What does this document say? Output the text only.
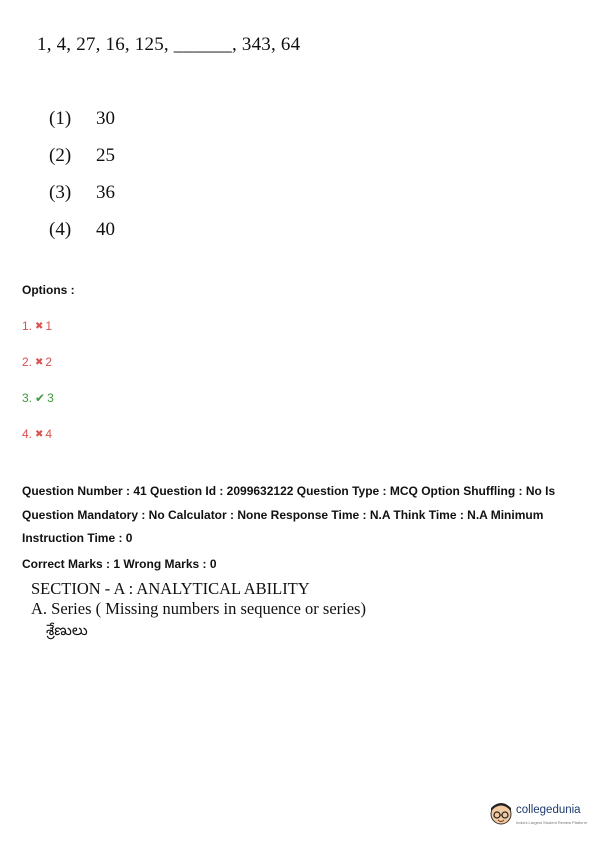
1, 4, 27, 16, 125, ______, 343, 64
(1) 30
(2) 25
(3) 36
(4) 40
Options :
1. ✖ 1
2. ✖ 2
3. ✔ 3
4. ✖ 4
Question Number : 41 Question Id : 2099632122 Question Type : MCQ Option Shuffling : No Is
Question Mandatory : No Calculator : None Response Time : N.A Think Time : N.A Minimum
Instruction Time : 0
Correct Marks : 1 Wrong Marks : 0
SECTION - A : ANALYTICAL ABILITY
A. Series ( Missing numbers in sequence or series)
శ్రేణులు
collegedunia
India's Largest Student Review Platform
